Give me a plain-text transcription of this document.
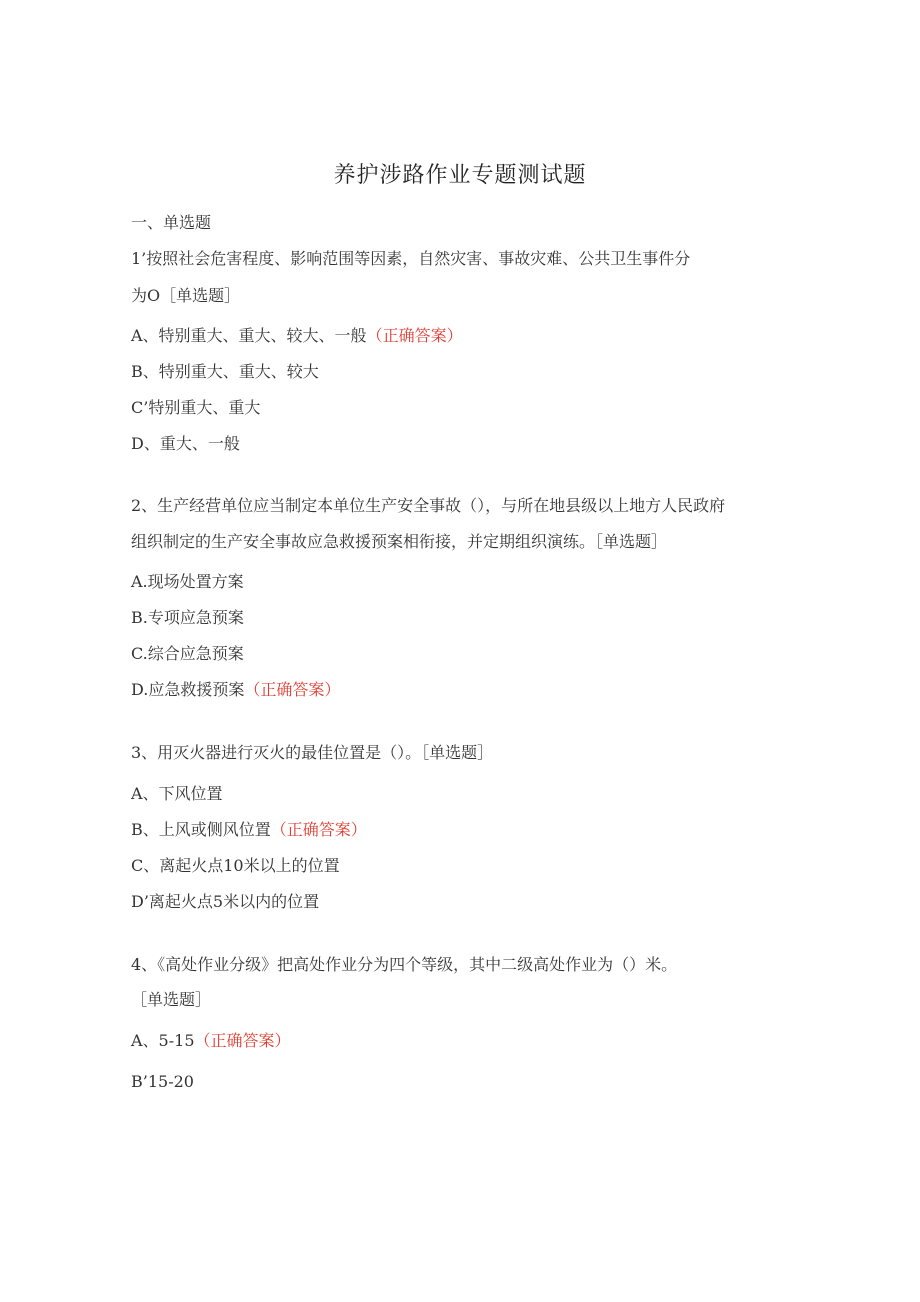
养护涉路作业专题测试题
一、单选题
1’按照社会危害程度、影响范围等因素，自然灾害、事故灾难、公共卫生事件分
为O［单选题］
A、特别重大、重大、较大、一般（正确答案）
B、特别重大、重大、较大
C’特别重大、重大
D、重大、一般
2、生产经营单位应当制定本单位生产安全事故（），与所在地县级以上地方人民政府
组织制定的生产安全事故应急救援预案相衔接，并定期组织演练。［单选题］
A.现场处置方案
B.专项应急预案
C.综合应急预案
D.应急救援预案（正确答案）
3、用灭火器进行灭火的最佳位置是（）。［单选题］
A、下风位置
B、上风或侧风位置（正确答案）
C、离起火点10米以上的位置
D’离起火点5米以内的位置
4、《高处作业分级》把高处作业分为四个等级，其中二级高处作业为（）米。
［单选题］
A、5-15（正确答案）
B’15-20
